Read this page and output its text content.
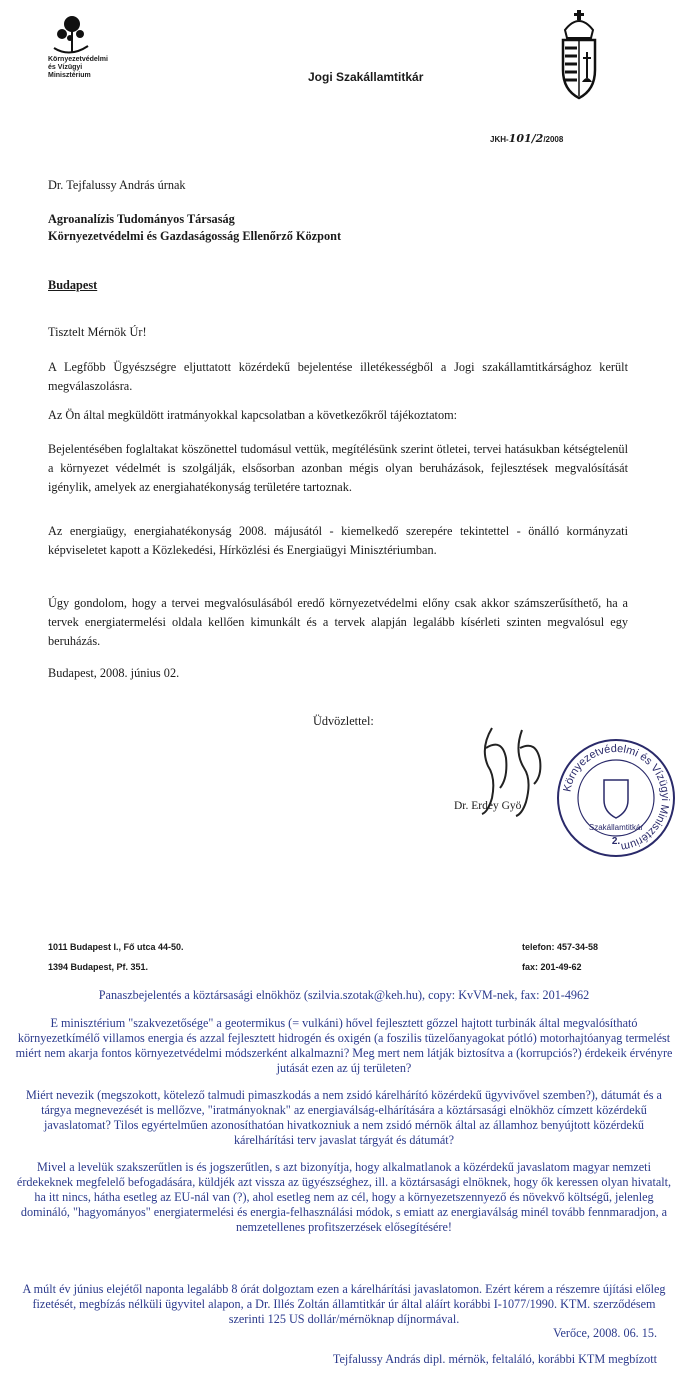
Környezetvédelmi
és Vízügyi
Minisztérium	Jogi Szakállamtitkár
JKH-101/2/2008
Dr. Tejfalussy András úrnak
Agroanalízis Tudományos Társaság
Környezetvédelmi és Gazdaságosság Ellenőrző Központ
Budapest
Tisztelt Mérnök Úr!
A Legfőbb Ügyészségre eljuttatott közérdekű bejelentése illetékességből a Jogi szakállamtitkársághoz került megválaszolásra.
Az Ön által megküldött iratmányokkal kapcsolatban a következőkről tájékoztatom:
Bejelentésében foglaltakat köszönettel tudomásul vettük, megítélésünk szerint ötletei, tervei hatásukban kétségtelenül a környezet védelmét is szolgálják, elsősorban azonban mégis olyan beruházások, fejlesztések megvalósítását igénylik, amelyek az energiahatékonyság területére tartoznak.
Az energiaügy, energiahatékonyság 2008. májusától - kiemelkedő szerepére tekintettel - önálló kormányzati képviseletet kapott a Közlekedési, Hírközlési és Energiaügyi Minisztériumban.
Úgy gondolom, hogy a tervei megvalósulásából eredő környezetvédelmi előny csak akkor számszerűsíthető, ha a tervek energiatermelési oldala kellően kimunkált és a tervek alapján legalább kísérleti szinten megvalósul egy beruházás.
Budapest, 2008. június 02.
Üdvözlettel:
Dr. Erdey Gyö
Környezetvédelmi és Vízügyi Minisztérium
Szakállamtitkár
2.
1011 Budapest I., Fő utca 44-50.
1394 Budapest, Pf. 351.
telefon: 457-34-58
fax: 201-49-62
Panaszbejelentés a köztársasági elnökhöz (szilvia.szotak@keh.hu), copy: KvVM-nek, fax: 201-4962
E minisztérium "szakvezetősége" a geotermikus (= vulkáni) hővel fejlesztett gőzzel hajtott turbinák által megvalósítható környezetkímélő villamos energia és azzal fejlesztett hidrogén és oxigén (a foszilis tüzelőanyagokat pótló) motorhajtóanyag termelést miért nem akarja fontos környezetvédelmi módszerként alkalmazni? Meg mert nem látják biztosítva a (korrupciós?) érdekeik érvényre jutását ezen az új területen?
Miért nevezik (megszokott, kötelező talmudi pimaszkodás a nem zsidó kárelhárító közérdekű ügyvivővel szemben?), dátumát és a tárgya megnevezését is mellőzve, "iratmányoknak" az energiaválság-elhárítására a köztársasági elnökhöz címzett közérdekű javaslatomat? Tilos egyértelműen azonosíthatóan hivatkozniuk a nem zsidó mérnök által az államhoz benyújtott közérdekű kárelhárítási terv javaslat tárgyát és dátumát?
Mivel a levelük szakszerűtlen is és jogszerűtlen, s azt bizonyítja, hogy alkalmatlanok a közérdekű javaslatom magyar nemzeti érdekeknek megfelelő befogadására, küldjék azt vissza az ügyészséghez, ill. a köztársasági elnöknek, hogy ők keressen olyan hivatalt, ha itt nincs, hátha esetleg az EU-nál van (?), ahol esetleg nem az cél, hogy a környezetszennyező és növekvő költségű, jelenleg domináló, "hagyományos" energiatermelési és energia-felhasználási módok, s emiatt az energiaválság minél tovább fennmaradjon, a nemzetellenes profitszerzések elősegítésére!
A múlt év június elejétől naponta legalább 8 órát dolgoztam ezen a kárelhárítási javaslatomon. Ezért kérem a részemre újítási előleg fizetését, megbízás nélküli ügyvitel alapon, a Dr. Illés Zoltán államtitkár úr által aláírt korábbi I-1077/1990. KTM. szerződésem szerinti 125 US dollár/mérnöknap díjnormával.
Verőce, 2008. 06. 15.
Tejfalussy András dipl. mérnök, feltaláló, korábbi KTM megbízott
